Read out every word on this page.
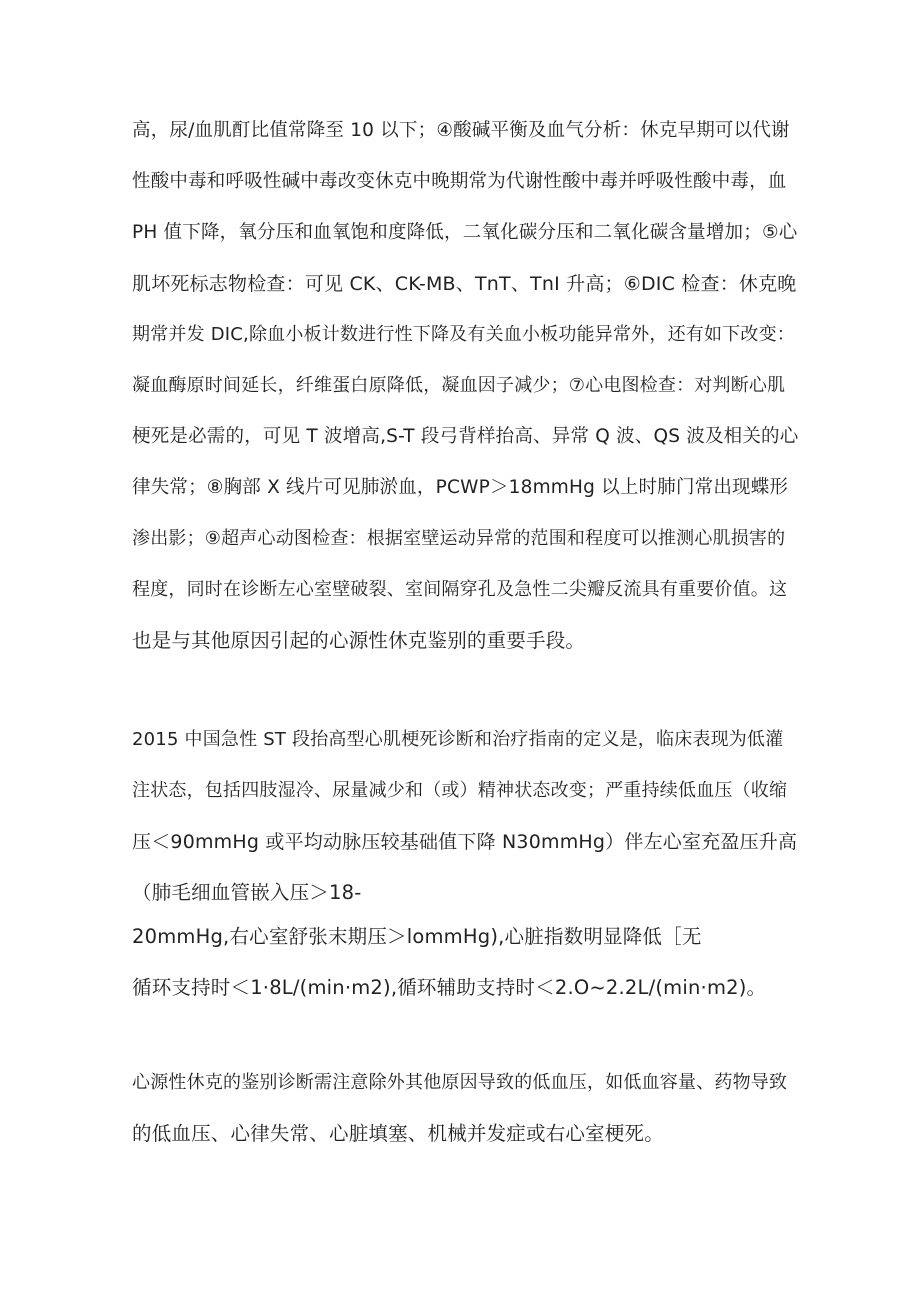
高，尿/血肌酊比值常降至 10 以下；④酸碱平衡及血气分析：休克早期可以代谢
性酸中毒和呼吸性碱中毒改变休克中晚期常为代谢性酸中毒并呼吸性酸中毒，血
PH 值下降，氧分压和血氧饱和度降低，二氧化碳分压和二氧化碳含量增加；⑤心
肌坏死标志物检查：可见 CK、CK-MB、TnT、TnI 升高；⑥DIC 检查：休克晚
期常并发 DIC,除血小板计数进行性下降及有关血小板功能异常外，还有如下改变：
凝血酶原时间延长，纤维蛋白原降低，凝血因子减少；⑦心电图检查：对判断心肌
梗死是必需的，可见 T 波增高,S-T 段弓背样抬高、异常 Q 波、QS 波及相关的心
律失常；⑧胸部 X 线片可见肺淤血，PCWP＞18mmHg 以上时肺门常出现蝶形
渗出影；⑨超声心动图检查：根据室壁运动异常的范围和程度可以推测心肌损害的
程度，同时在诊断左心室壁破裂、室间隔穿孔及急性二尖瓣反流具有重要价值。这
也是与其他原因引起的心源性休克鉴别的重要手段。
2015 中国急性 ST 段抬高型心肌梗死诊断和治疗指南的定义是，临床表现为低灌
注状态，包括四肢湿冷、尿量减少和（或）精神状态改变；严重持续低血压（收缩
压＜90mmHg 或平均动脉压较基础值下降 N30mmHg）伴左心室充盈压升高
（肺毛细血管嵌入压＞18-
20mmHg,右心室舒张末期压＞lommHg),心脏指数明显降低［无
循环支持时＜1·8L/(min·m2),循环辅助支持时＜2.O~2.2L/(min·m2)。
心源性休克的鉴别诊断需注意除外其他原因导致的低血压，如低血容量、药物导致
的低血压、心律失常、心脏填塞、机械并发症或右心室梗死。
